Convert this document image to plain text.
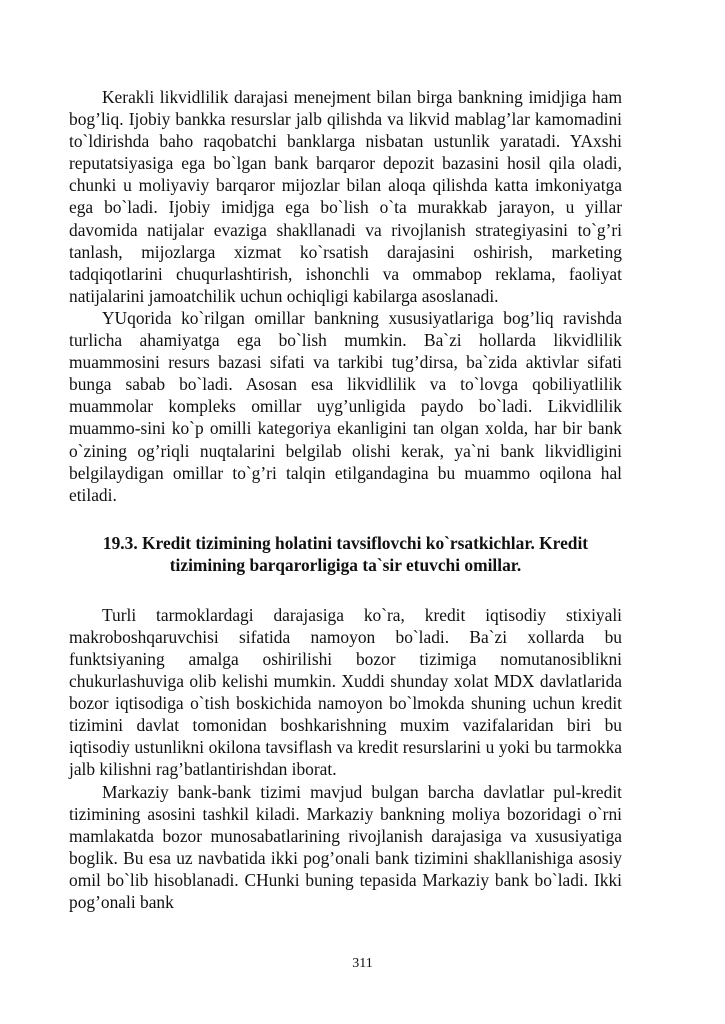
Kerakli likvidlilik darajasi menejment bilan birga bankning imidjiga ham bog’liq. Ijobiy bankka resurslar jalb qilishda va likvid mablag’lar kamomadini to`ldirishda baho raqobatchi banklarga nisbatan ustunlik yaratadi. YAxshi reputatsiyasiga ega bo`lgan bank barqaror depozit bazasini hosil qila oladi, chunki u moliyaviy barqaror mijozlar bilan aloqa qilishda katta imkoniyatga ega bo`ladi. Ijobiy imidjga ega bo`lish o`ta murakkab jarayon, u yillar davomida natijalar evaziga shakllanadi va rivojlanish strategiyasini to`g’ri tanlash, mijozlarga xizmat ko`rsatish darajasini oshirish, marketing tadqiqotlarini chuqurlashtirish, ishonchli va ommabop reklama, faoliyat natijalarini jamoatchilik uchun ochiqligi kabilarga asoslanadi.

YUqorida ko`rilgan omillar bankning xususiyatlariga bog’liq ravishda turlicha ahamiyatga ega bo`lish mumkin. Ba`zi hollarda likvidlilik muammosini resurs bazasi sifati va tarkibi tug’dirsa, ba`zida aktivlar sifati bunga sabab bo`ladi. Asosan esa likvidlilik va to`lovga qobiliyatlilik muammolar kompleks omillar uyg’unligida paydo bo`ladi. Likvidlilik muammo-sini ko`p omilli kategoriya ekanligini tan olgan xolda, har bir bank o`zining og’riqli nuqtalarini belgilab olishi kerak, ya`ni bank likvidligini belgilaydigan omillar to`g’ri talqin etilgandagina bu muammo oqilona hal etiladi.

19.3. Kredit tizimining holatini tavsiflovchi ko`rsatkichlar. Kredit tizimining barqarorligiga ta`sir etuvchi omillar.

Turli tarmoklardagi darajasiga ko`ra, kredit iqtisodiy stixiyali makroboshqaruvchisi sifatida namoyon bo`ladi. Ba`zi xollarda bu funktsiyaning amalga oshirilishi bozor tizimiga nomutanosiblikni chukurlashuviga olib kelishi mumkin. Xuddi shunday xolat MDX davlatlarida bozor iqtisodiga o`tish boskichida namoyon bo`lmokda shuning uchun kredit tizimini davlat tomonidan boshkarishning muxim vazifalaridan biri bu iqtisodiy ustunlikni okilona tavsiflash va kredit resurslarini u yoki bu tarmokka jalb kilishni rag’batlantirishdan iborat.

Markaziy bank-bank tizimi mavjud bulgan barcha davlatlar pul-kredit tizimining asosini tashkil kiladi. Markaziy bankning moliya bozoridagi o`rni mamlakatda bozor munosabatlarining rivojlanish darajasiga va xususiyatiga boglik. Bu esa uz navbatida ikki pog’onali bank tizimini shakllanishiga asosiy omil bo`lib hisoblanadi. CHunki buning tepasida Markaziy bank bo`ladi. Ikki pog’onali bank

311
